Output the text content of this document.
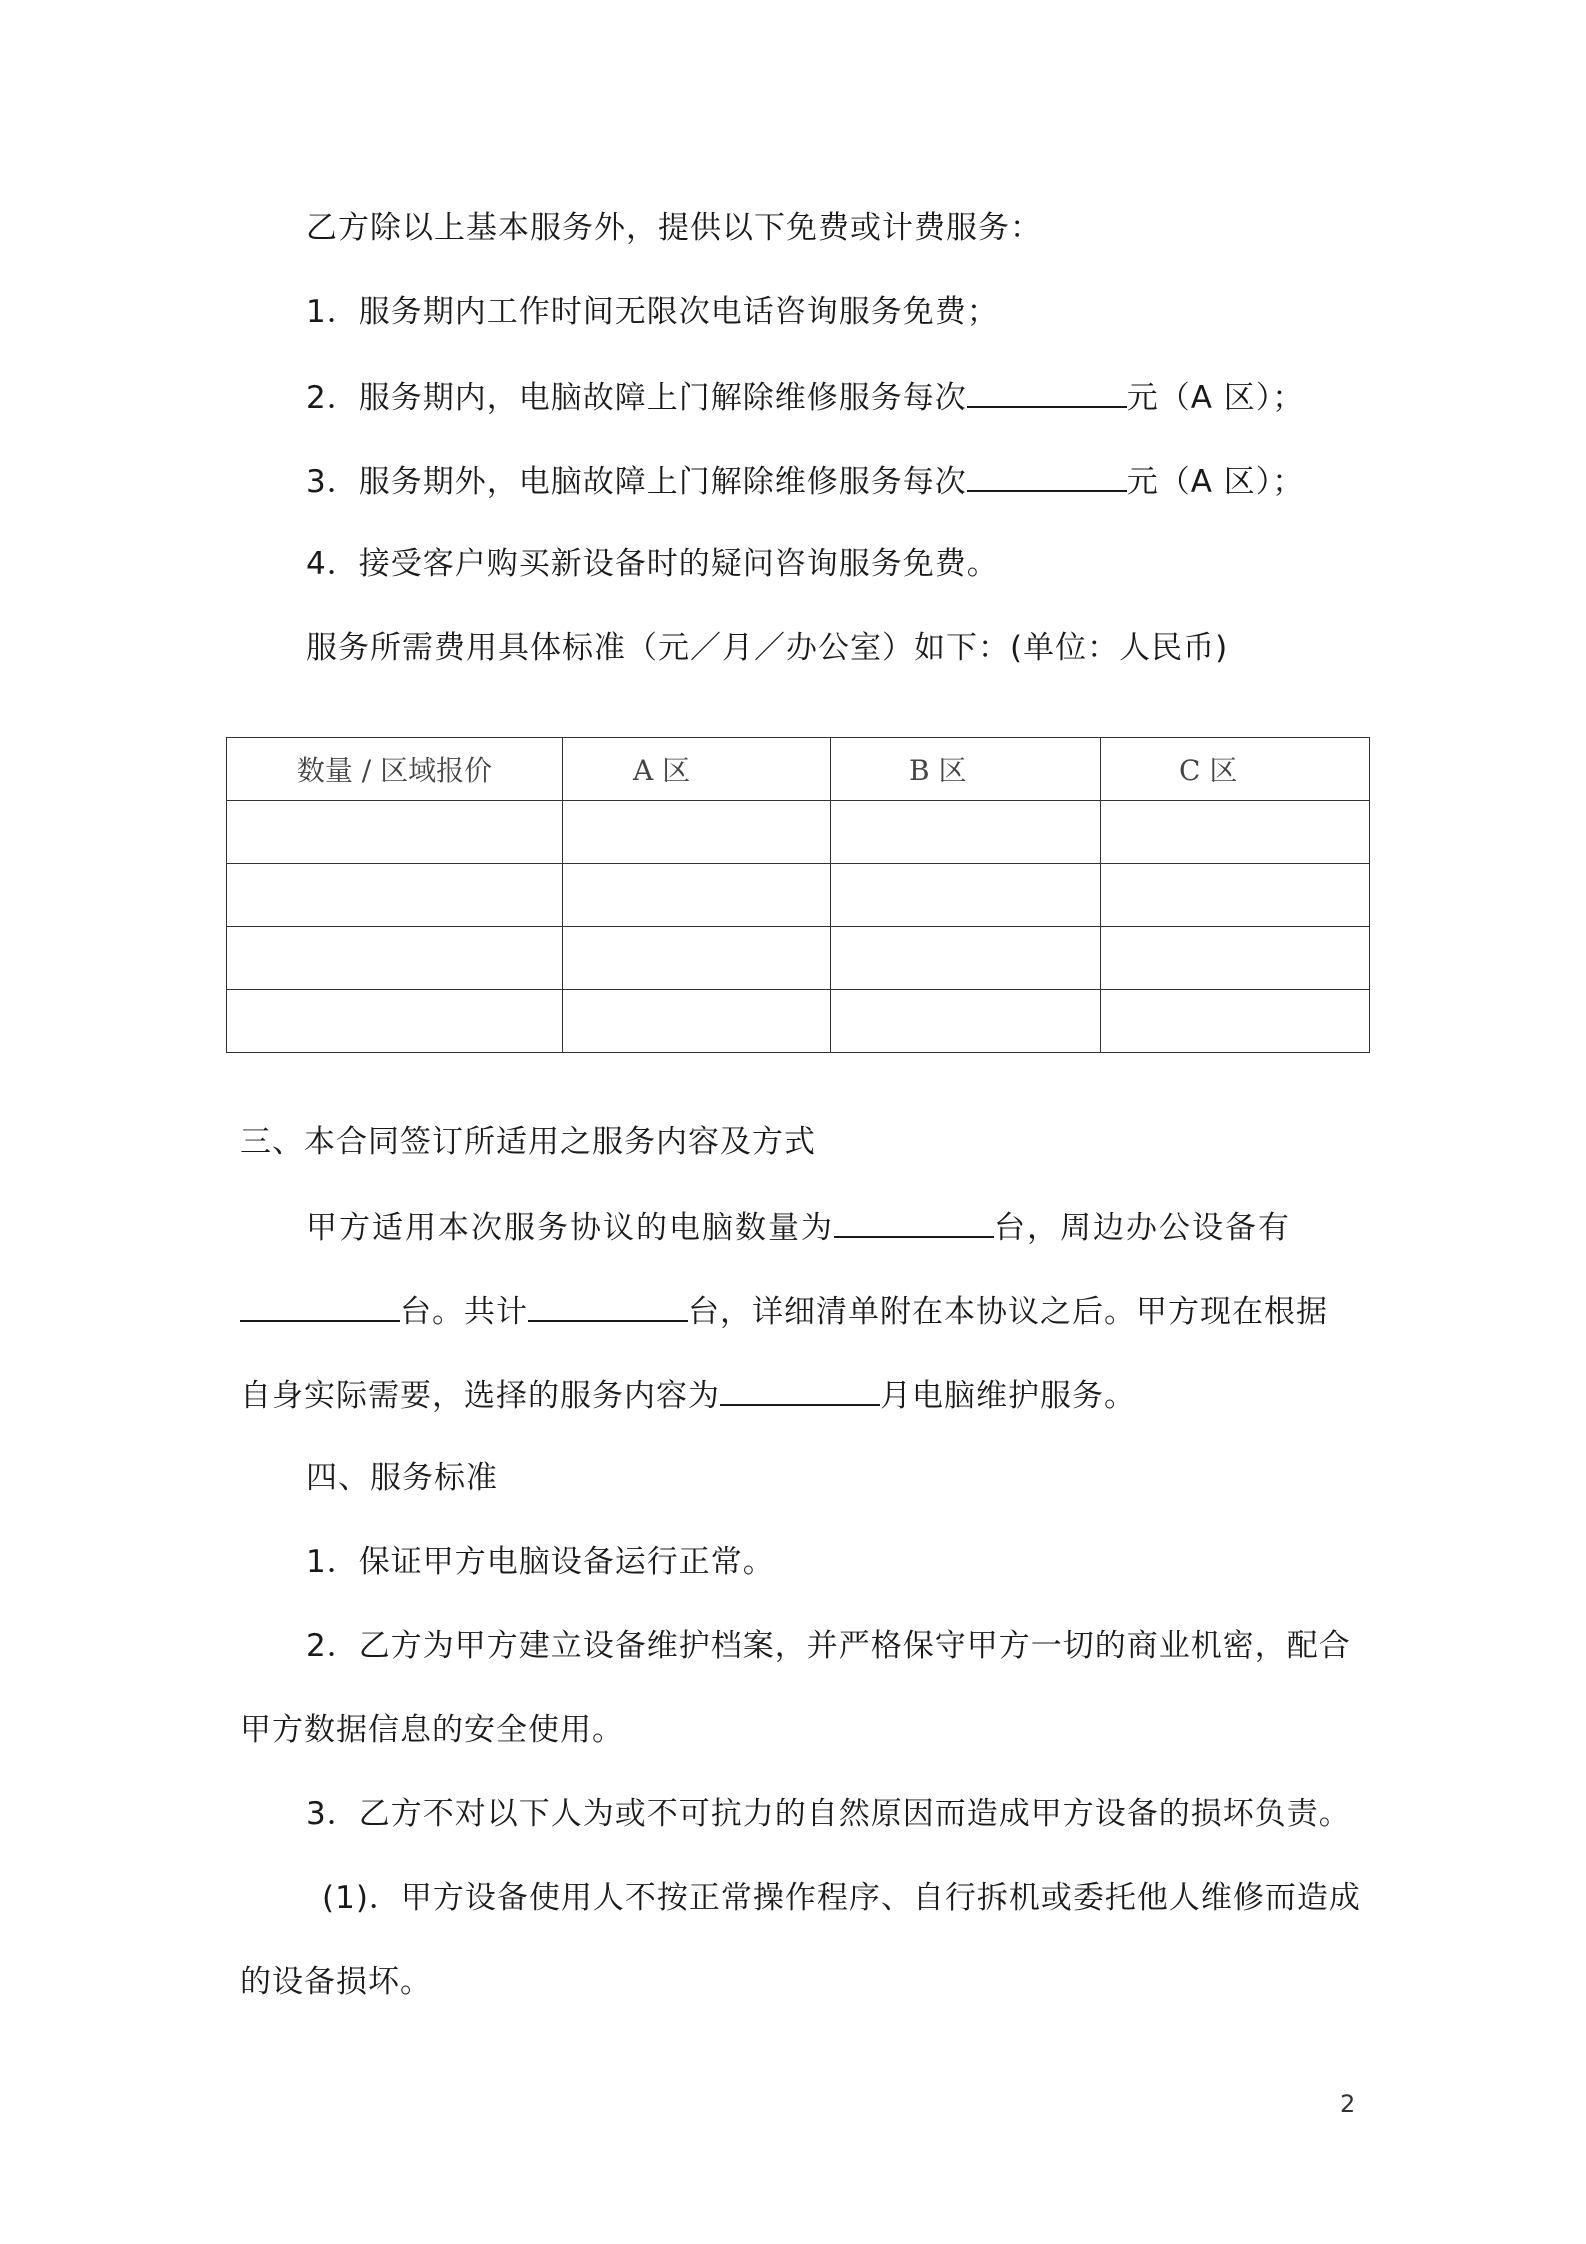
乙方除以上基本服务外，提供以下免费或计费服务：
1．服务期内工作时间无限次电话咨询服务免费；
2．服务期内，电脑故障上门解除维修服务每次	元（A 区）；
3．服务期外，电脑故障上门解除维修服务每次	元（A 区）；
4．接受客户购买新设备时的疑问咨询服务免费。
服务所需费用具体标准（元／月／办公室）如下：(单位：人民币)
数量 / 区域报价	A 区	B 区	C 区

三、本合同签订所适用之服务内容及方式
甲方适用本次服务协议的电脑数量为	台，周边办公设备有
台。共计	台，详细清单附在本协议之后。甲方现在根据
自身实际需要，选择的服务内容为	月电脑维护服务。
四、服务标准
1．保证甲方电脑设备运行正常。
2．乙方为甲方建立设备维护档案，并严格保守甲方一切的商业机密，配合
甲方数据信息的安全使用。
3．乙方不对以下人为或不可抗力的自然原因而造成甲方设备的损坏负责。
(1)．甲方设备使用人不按正常操作程序、自行拆机或委托他人维修而造成
的设备损坏。
2
